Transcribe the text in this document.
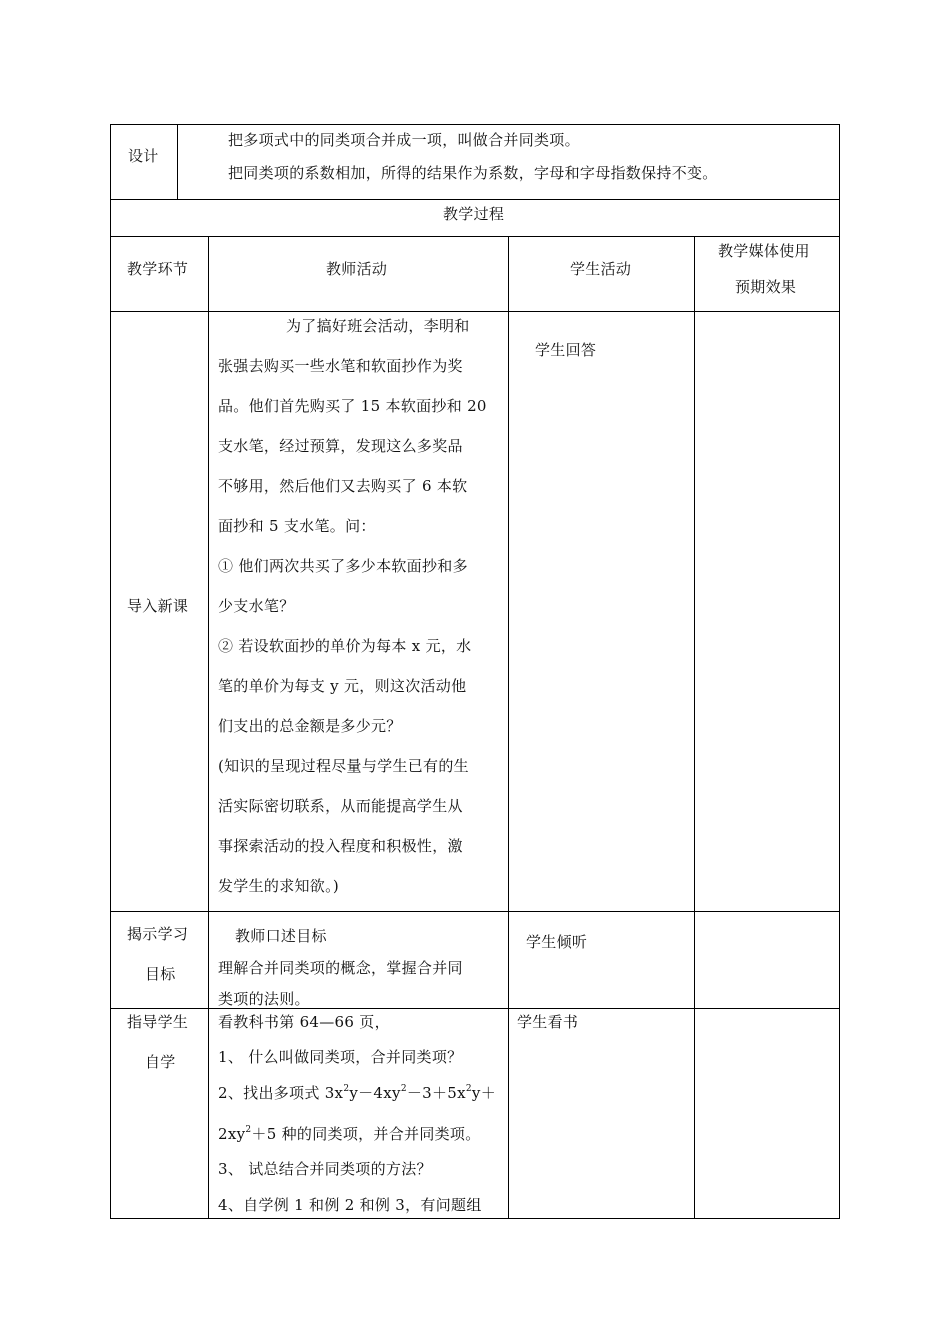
设计
把多项式中的同类项合并成一项，叫做合并同类项。
把同类项的系数相加，所得的结果作为系数，字母和字母指数保持不变。
教学过程
教学环节	教师活动	学生活动
教学媒体使用
预期效果
导入新课
为了搞好班会活动，李明和
张强去购买一些水笔和软面抄作为奖
品。他们首先购买了 15 本软面抄和 20
支水笔，经过预算，发现这么多奖品
不够用，然后他们又去购买了 6 本软
面抄和 5 支水笔。问：
① 他们两次共买了多少本软面抄和多
少支水笔？
② 若设软面抄的单价为每本 x 元，水
笔的单价为每支 y 元，则这次活动他
们支出的总金额是多少元？
(知识的呈现过程尽量与学生已有的生
活实际密切联系，从而能提高学生从
事探索活动的投入程度和积极性，激
发学生的求知欲。)
学生回答
揭示学习
目标
教师口述目标
理解合并同类项的概念，掌握合并同
类项的法则。
学生倾听
指导学生
自学
看教科书第 64—66 页，
1、 什么叫做同类项，合并同类项？
2、找出多项式 $3x^2y-4xy^2-3+5x^2y+$
$2xy^2+5$ 种的同类项，并合并同类项。
3、 试总结合并同类项的方法？
4、自学例 1 和例 2 和例 3，有问题组
学生看书
